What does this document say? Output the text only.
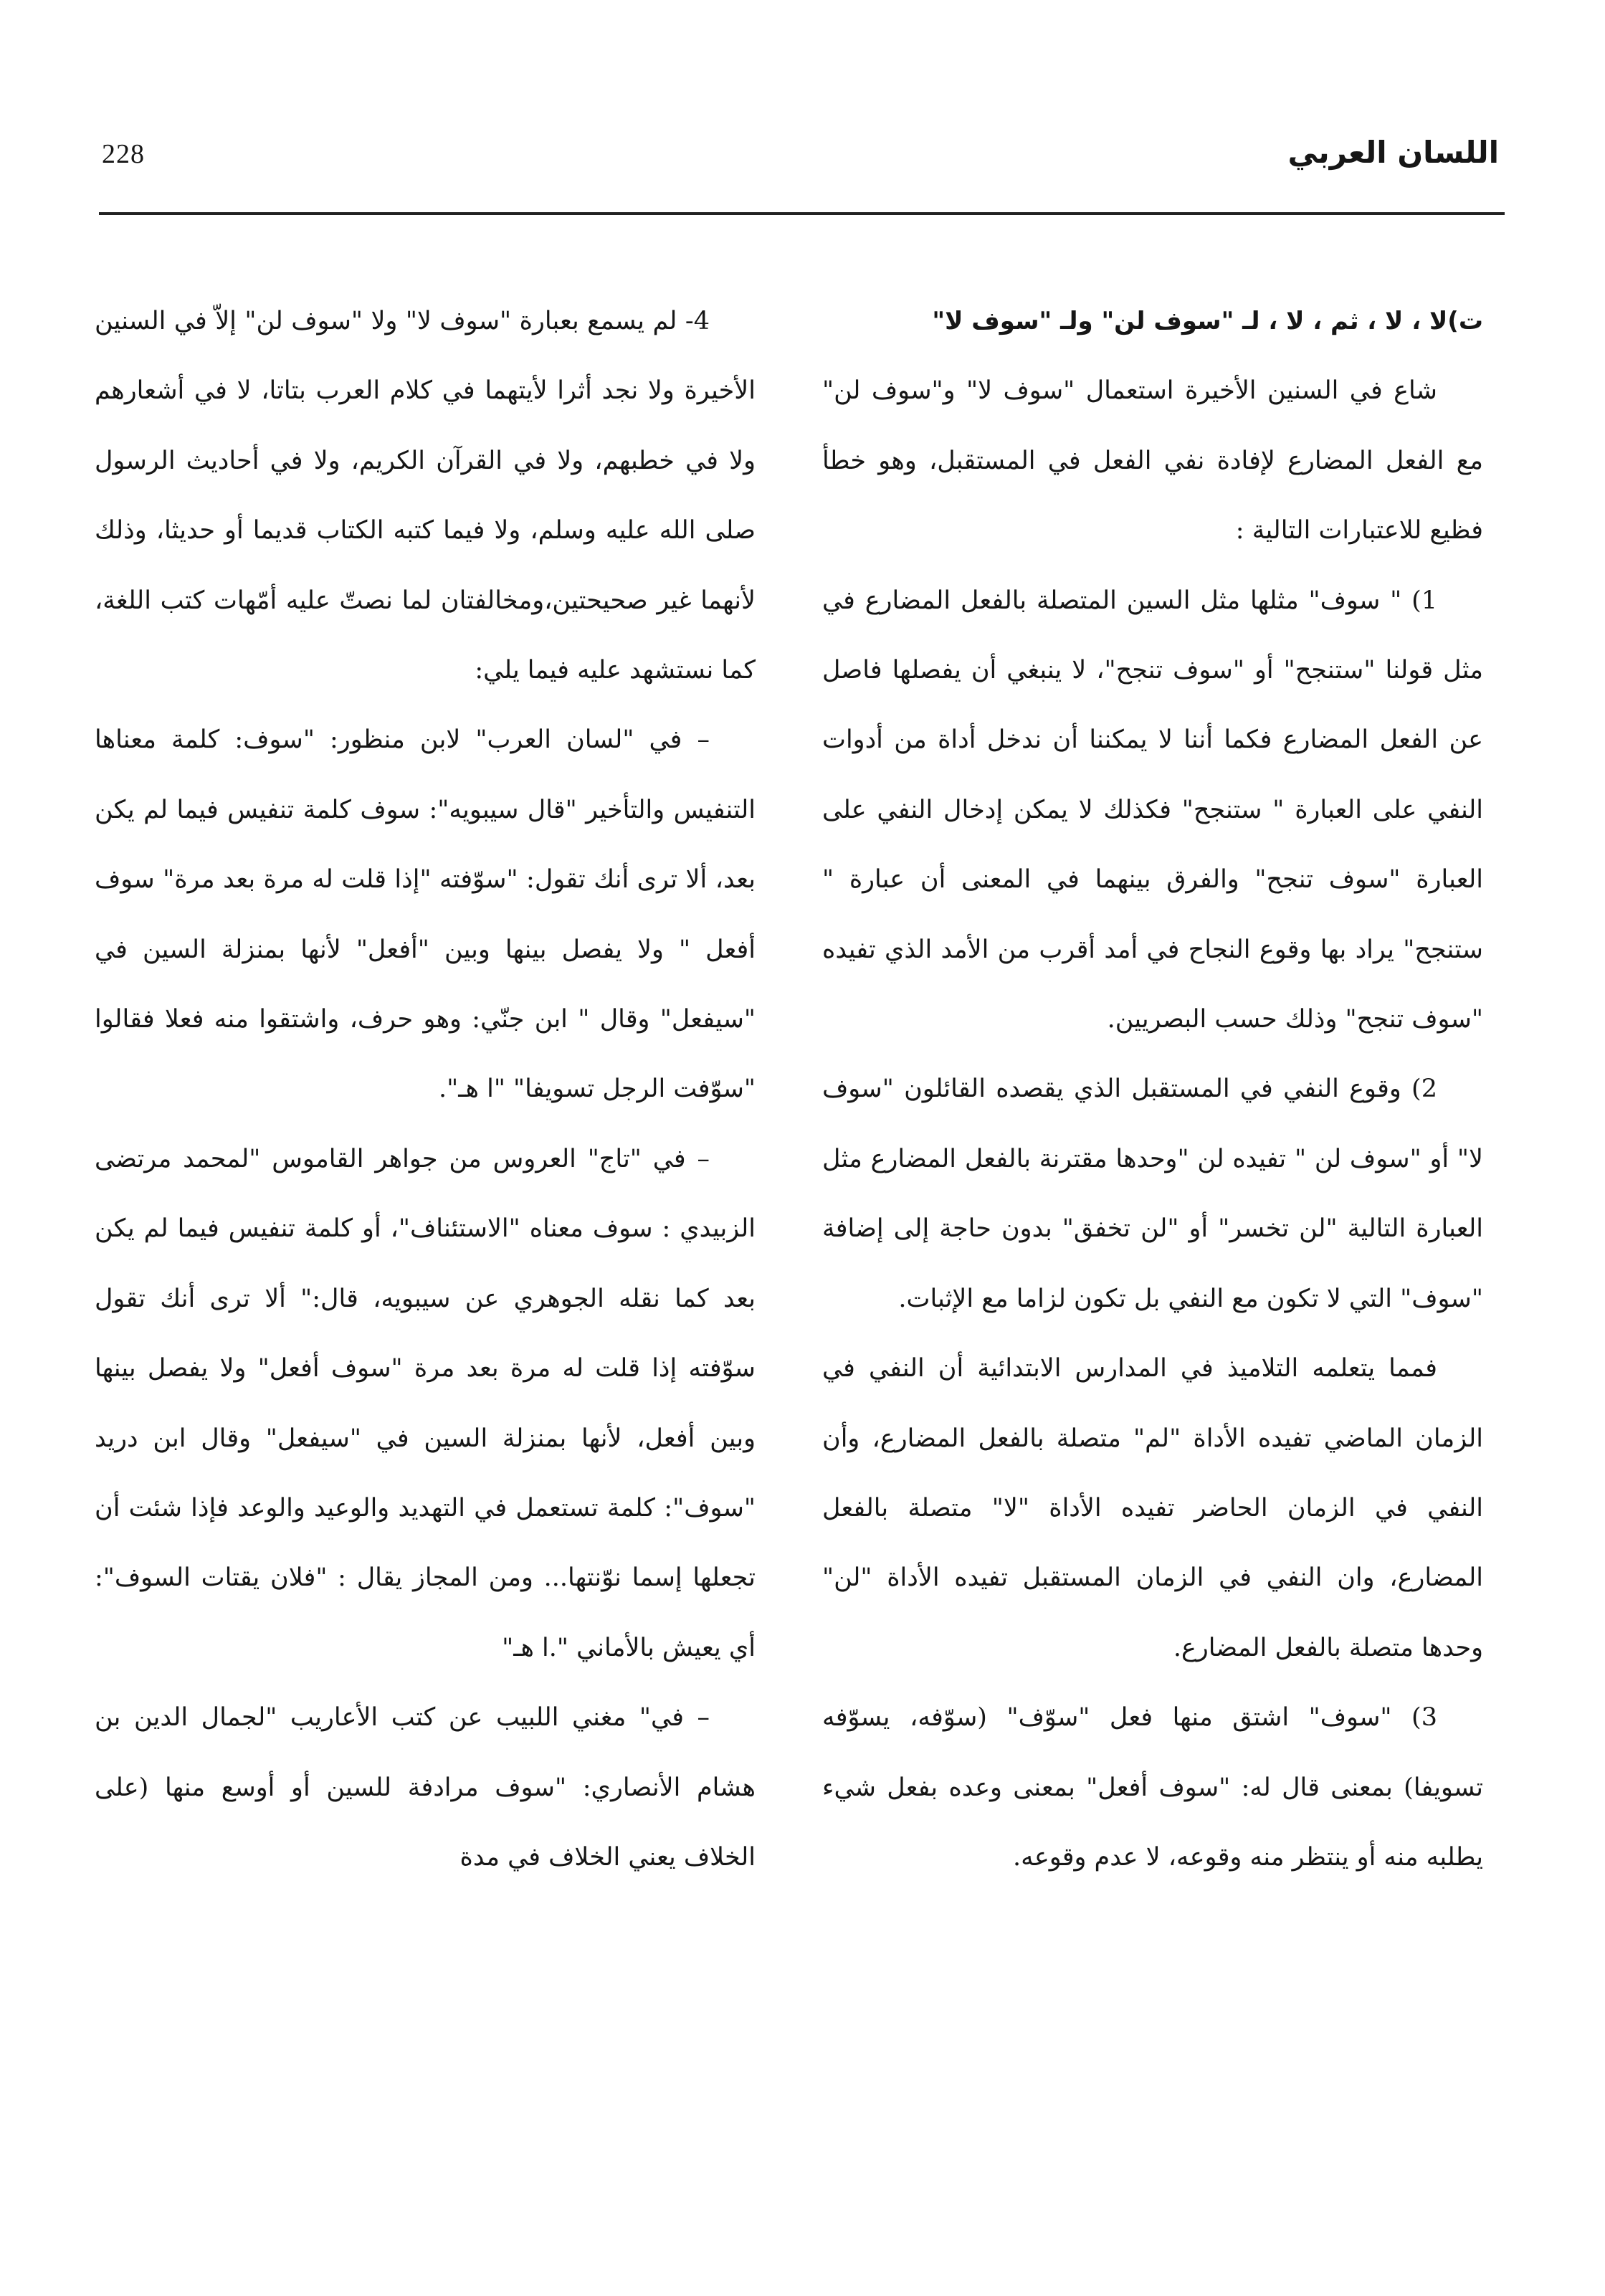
228	اللسان العربي

ت)لا ، لا ، ثم ، لا ، لـ "سوف لن" ولـ "سوف لا"

شاع في السنين الأخيرة استعمال "سوف لا" و"سوف لن" مع الفعل المضارع لإفادة نفي الفعل في المستقبل، وهو خطأ فظيع للاعتبارات التالية :

1) " سوف" مثلها مثل السين المتصلة بالفعل المضارع في مثل قولنا "ستنجح" أو "سوف تنجح"، لا ينبغي أن يفصلها فاصل عن الفعل المضارع فكما أننا لا يمكننا أن ندخل أداة من أدوات النفي على العبارة " ستنجح" فكذلك لا يمكن إدخال النفي على العبارة "سوف تنجح" والفرق بينهما في المعنى أن عبارة " ستنجح" يراد بها وقوع النجاح في أمد أقرب من الأمد الذي تفيده "سوف تنجح" وذلك حسب البصريين.

2) وقوع النفي في المستقبل الذي يقصده القائلون "سوف لا" أو "سوف لن " تفيده لن "وحدها مقترنة بالفعل المضارع مثل العبارة التالية "لن تخسر" أو "لن تخفق" بدون حاجة إلى إضافة "سوف" التي لا تكون مع النفي بل تكون لزاما مع الإثبات.

فمما يتعلمه التلاميذ في المدارس الابتدائية أن النفي في الزمان الماضي تفيده الأداة "لم" متصلة بالفعل المضارع، وأن النفي في الزمان الحاضر تفيده الأداة "لا" متصلة بالفعل المضارع، وان النفي في الزمان المستقبل تفيده الأداة "لن" وحدها متصلة بالفعل المضارع.

3) "سوف" اشتق منها فعل "سوّف" (سوّفه، يسوّفه تسويفا) بمعنى قال له: "سوف أفعل" بمعنى وعده بفعل شيء يطلبه منه أو ينتظر منه وقوعه، لا عدم وقوعه.

4- لم يسمع بعبارة "سوف لا" ولا "سوف لن" إلاّ في السنين الأخيرة ولا نجد أثرا لأيتهما في كلام العرب بتاتا، لا في أشعارهم ولا في خطبهم، ولا في القرآن الكريم، ولا في أحاديث الرسول صلى الله عليه وسلم، ولا فيما كتبه الكتاب قديما أو حديثا، وذلك لأنهما غير صحيحتين،ومخالفتان لما نصتّ عليه أمّهات كتب اللغة، كما نستشهد عليه فيما يلي:

– في "لسان العرب" لابن منظور: "سوف: كلمة معناها التنفيس والتأخير "قال سيبويه": سوف كلمة تنفيس فيما لم يكن بعد، ألا ترى أنك تقول: "سوّفته "إذا قلت له مرة بعد مرة" سوف أفعل " ولا يفصل بينها وبين "أفعل" لأنها بمنزلة السين في "سيفعل" وقال " ابن جنّي: وهو حرف، واشتقوا منه فعلا فقالوا "سوّفت الرجل تسويفا" "ا هـ".

– في "تاج" العروس من جواهر القاموس "لمحمد مرتضى الزبيدي : سوف معناه "الاستئناف"، أو كلمة تنفيس فيما لم يكن بعد كما نقله الجوهري عن سيبويه، قال:" ألا ترى أنك تقول سوّفته إذا قلت له مرة بعد مرة "سوف أفعل" ولا يفصل بينها وبين أفعل، لأنها بمنزلة السين في "سيفعل" وقال ابن دريد "سوف": كلمة تستعمل في التهديد والوعيد والوعد فإذا شئت أن تجعلها إسما نوّنتها... ومن المجاز يقال : "فلان يقتات السوف": أي يعيش بالأماني ".ا هـ"

– في" مغني اللبيب عن كتب الأعاريب "لجمال الدين بن هشام الأنصاري: "سوف مرادفة للسين أو أوسع منها (على الخلاف يعني الخلاف في مدة
